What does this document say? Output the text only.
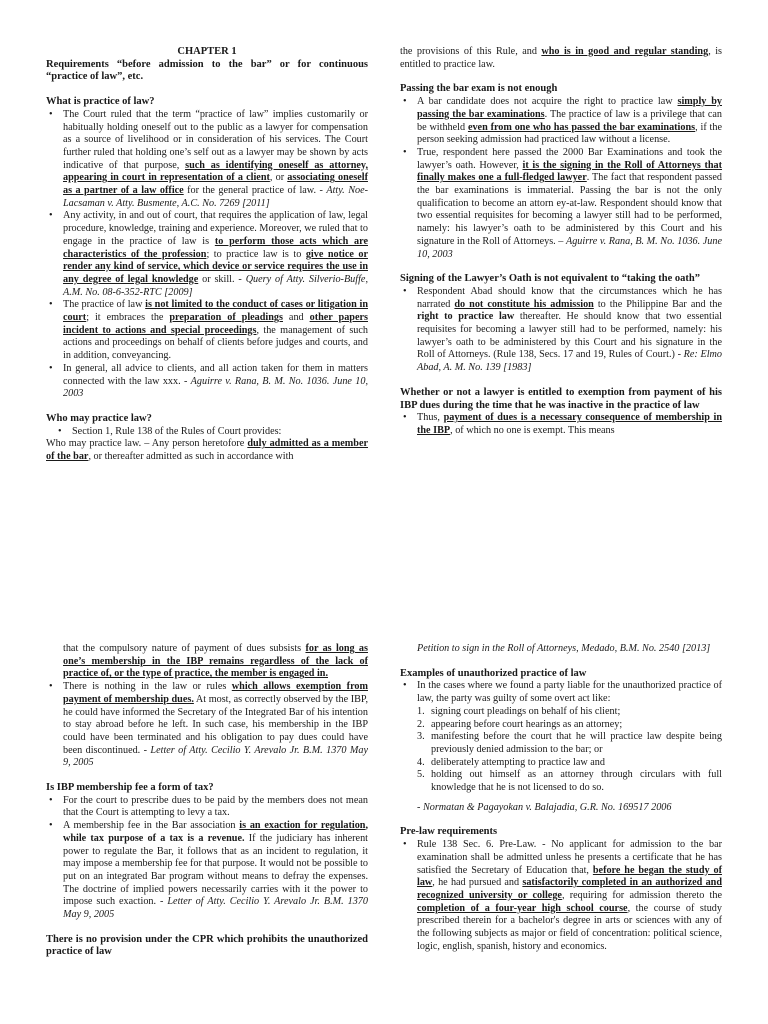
CHAPTER 1

Requirements “before admission to the bar” or for continuous “practice of law”, etc.

What is practice of law?

• The Court ruled that the term “practice of law” implies customarily or habitually holding oneself out to the public as a lawyer for compensation as a source of livelihood or in consideration of his services. The Court further ruled that holding one’s self out as a lawyer may be shown by acts indicative of that purpose, such as identifying oneself as attorney, appearing in court in representation of a client, or associating oneself as a partner of a law office for the general practice of law. - Atty. Noe-Lacsaman v. Atty. Busmente, A.C. No. 7269 [2011]
• Any activity, in and out of court, that requires the application of law, legal procedure, knowledge, training and experience. Moreover, we ruled that to engage in the practice of law is to perform those acts which are characteristics of the profession; to practice law is to give notice or render any kind of service, which device or service requires the use in any degree of legal knowledge or skill. - Query of Atty. Silverio-Buffe, A.M. No. 08-6-352-RTC [2009]
• The practice of law is not limited to the conduct of cases or litigation in court; it embraces the preparation of pleadings and other papers incident to actions and special proceedings, the management of such actions and proceedings on behalf of clients before judges and courts, and in addition, conveyancing.
• In general, all advice to clients, and all action taken for them in matters connected with the law xxx. - Aguirre v. Rana, B. M. No. 1036. June 10, 2003

Who may practice law?

• Section 1, Rule 138 of the Rules of Court provides:

Who may practice law. – Any person heretofore duly admitted as a member of the bar, or thereafter admitted as such in accordance with

the provisions of this Rule, and who is in good and regular standing, is entitled to practice law.

Passing the bar exam is not enough

• A bar candidate does not acquire the right to practice law simply by passing the bar examinations. The practice of law is a privilege that can be withheld even from one who has passed the bar examinations, if the person seeking admission had practiced law without a license.
• True, respondent here passed the 2000 Bar Examinations and took the lawyer’s oath. However, it is the signing in the Roll of Attorneys that finally makes one a full-fledged lawyer. The fact that respondent passed the bar examinations is immaterial. Passing the bar is not the only qualification to become an attorn ey-at-law. Respondent should know that two essential requisites for becoming a lawyer still had to be performed, namely: his lawyer’s oath to be administered by this Court and his signature in the Roll of Attorneys. – Aguirre v. Rana, B. M. No. 1036. June 10, 2003

Signing of the Lawyer’s Oath is not equivalent to “taking the oath”

• Respondent Abad should know that the circumstances which he has narrated do not constitute his admission to the Philippine Bar and the right to practice law thereafter. He should know that two essential requisites for becoming a lawyer still had to be performed, namely: his lawyer’s oath to be administered by this Court and his signature in the Roll of Attorneys. (Rule 138, Secs. 17 and 19, Rules of Court.) - Re: Elmo Abad, A. M. No. 139 [1983]

Whether or not a lawyer is entitled to exemption from payment of his IBP dues during the time that he was inactive in the practice of law

• Thus, payment of dues is a necessary consequence of membership in the IBP, of which no one is exempt. This means

that the compulsory nature of payment of dues subsists for as long as one’s membership in the IBP remains regardless of the lack of practice of, or the type of practice, the member is engaged in.

• There is nothing in the law or rules which allows exemption from payment of membership dues. At most, as correctly observed by the IBP, he could have informed the Secretary of the Integrated Bar of his intention to stay abroad before he left. In such case, his membership in the IBP could have been terminated and his obligation to pay dues could have been discontinued. - Letter of Atty. Cecilio Y. Arevalo Jr. B.M. 1370 May 9, 2005

Is IBP membership fee a form of tax?

• For the court to prescribe dues to be paid by the members does not mean that the Court is attempting to levy a tax.
• A membership fee in the Bar association is an exaction for regulation, while tax purpose of a tax is a revenue. If the judiciary has inherent power to regulate the Bar, it follows that as an incident to regulation, it may impose a membership fee for that purpose. It would not be possible to put on an integrated Bar program without means to defray the expenses. The doctrine of implied powers necessarily carries with it the power to impose such exaction. - Letter of Atty. Cecilio Y. Arevalo Jr. B.M. 1370 May 9, 2005

There is no provision under the CPR which prohibits the unauthorized practice of law

Petition to sign in the Roll of Attorneys, Medado, B.M. No. 2540 [2013]

Examples of unauthorized practice of law

• In the cases where we found a party liable for the unauthorized practice of law, the party was guilty of some overt act like:
1. signing court pleadings on behalf of his client;
2. appearing before court hearings as an attorney;
3. manifesting before the court that he will practice law despite being previously denied admission to the bar; or
4. deliberately attempting to practice law and
5. holding out himself as an attorney through circulars with full knowledge that he is not licensed to do so.

- Normatan & Pagayokan v. Balajadia, G.R. No. 169517 2006

Pre-law requirements

• Rule 138 Sec. 6. Pre-Law. - No applicant for admission to the bar examination shall be admitted unless he presents a certificate that he has satisfied the Secretary of Education that, before he began the study of law, he had pursued and satisfactorily completed in an authorized and recognized university or college, requiring for admission thereto the completion of a four-year high school course, the course of study prescribed therein for a bachelor's degree in arts or sciences with any of the following subjects as major or field of concentration: political science, logic, english, spanish, history and economics.
